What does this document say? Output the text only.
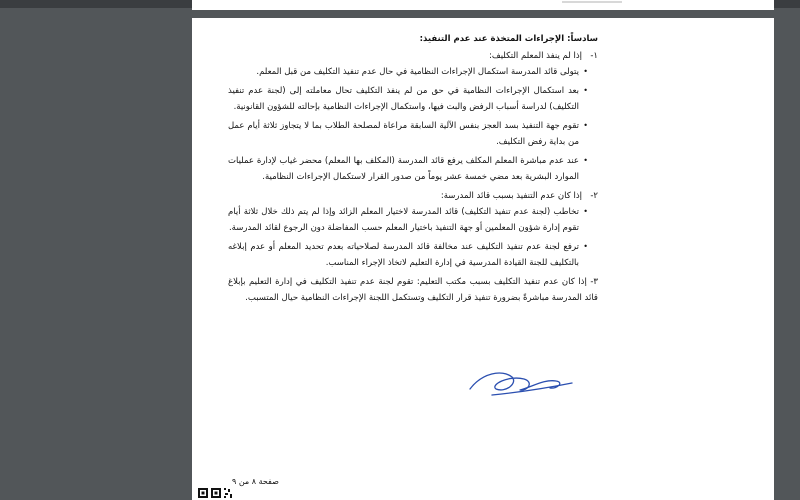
سادساً: الإجراءات المتخذة عند عدم التنفيذ:
١-
إذا لم ينفذ المعلم التكليف:
•
يتولى قائد المدرسة استكمال الإجراءات النظامية في حال عدم تنفيذ التكليف من قبل المعلم.
•
بعد استكمال الإجراءات النظامية في حق من لم ينفذ التكليف تحال معاملته إلى (لجنة عدم تنفيذ التكليف) لدراسة أسباب الرفض والبت فيها، واستكمال الإجراءات النظامية بإحالته للشؤون القانونية.
•
تقوم جهة التنفيذ بسد العجز بنفس الآلية السابقة مراعاة لمصلحة الطلاب بما لا يتجاوز ثلاثة أيام عمل من بداية رفض التكليف.
•
عند عدم مباشرة المعلم المكلف يرفع قائد المدرسة (المكلف بها المعلم) محضر غياب لإدارة عمليات الموارد البشرية بعد مضي خمسة عشر يوماً من صدور القرار لاستكمال الإجراءات النظامية.
٢-
إذا كان عدم التنفيذ بسبب قائد المدرسة:
•
تخاطب (لجنة عدم تنفيذ التكليف) قائد المدرسة لاختيار المعلم الزائد وإذا لم يتم ذلك خلال ثلاثة أيام تقوم إدارة شؤون المعلمين أو جهة التنفيذ باختيار المعلم حسب المفاضلة دون الرجوع لقائد المدرسة.
•
ترفع لجنة عدم تنفيذ التكليف عند مخالفة قائد المدرسة لصلاحياته بعدم تحديد المعلم أو عدم إبلاغه بالتكليف للجنة القيادة المدرسية في إدارة التعليم لاتخاذ الإجراء المناسب.
٣- إذا كان عدم تنفيذ التكليف بسبب مكتب التعليم: تقوم لجنة عدم تنفيذ التكليف في إدارة التعليم بإبلاغ قائد المدرسة مباشرةً بضرورة تنفيذ قرار التكليف وتستكمل اللجنة الإجراءات النظامية حيال المتسبب.
صفحة ٨ من ٩
